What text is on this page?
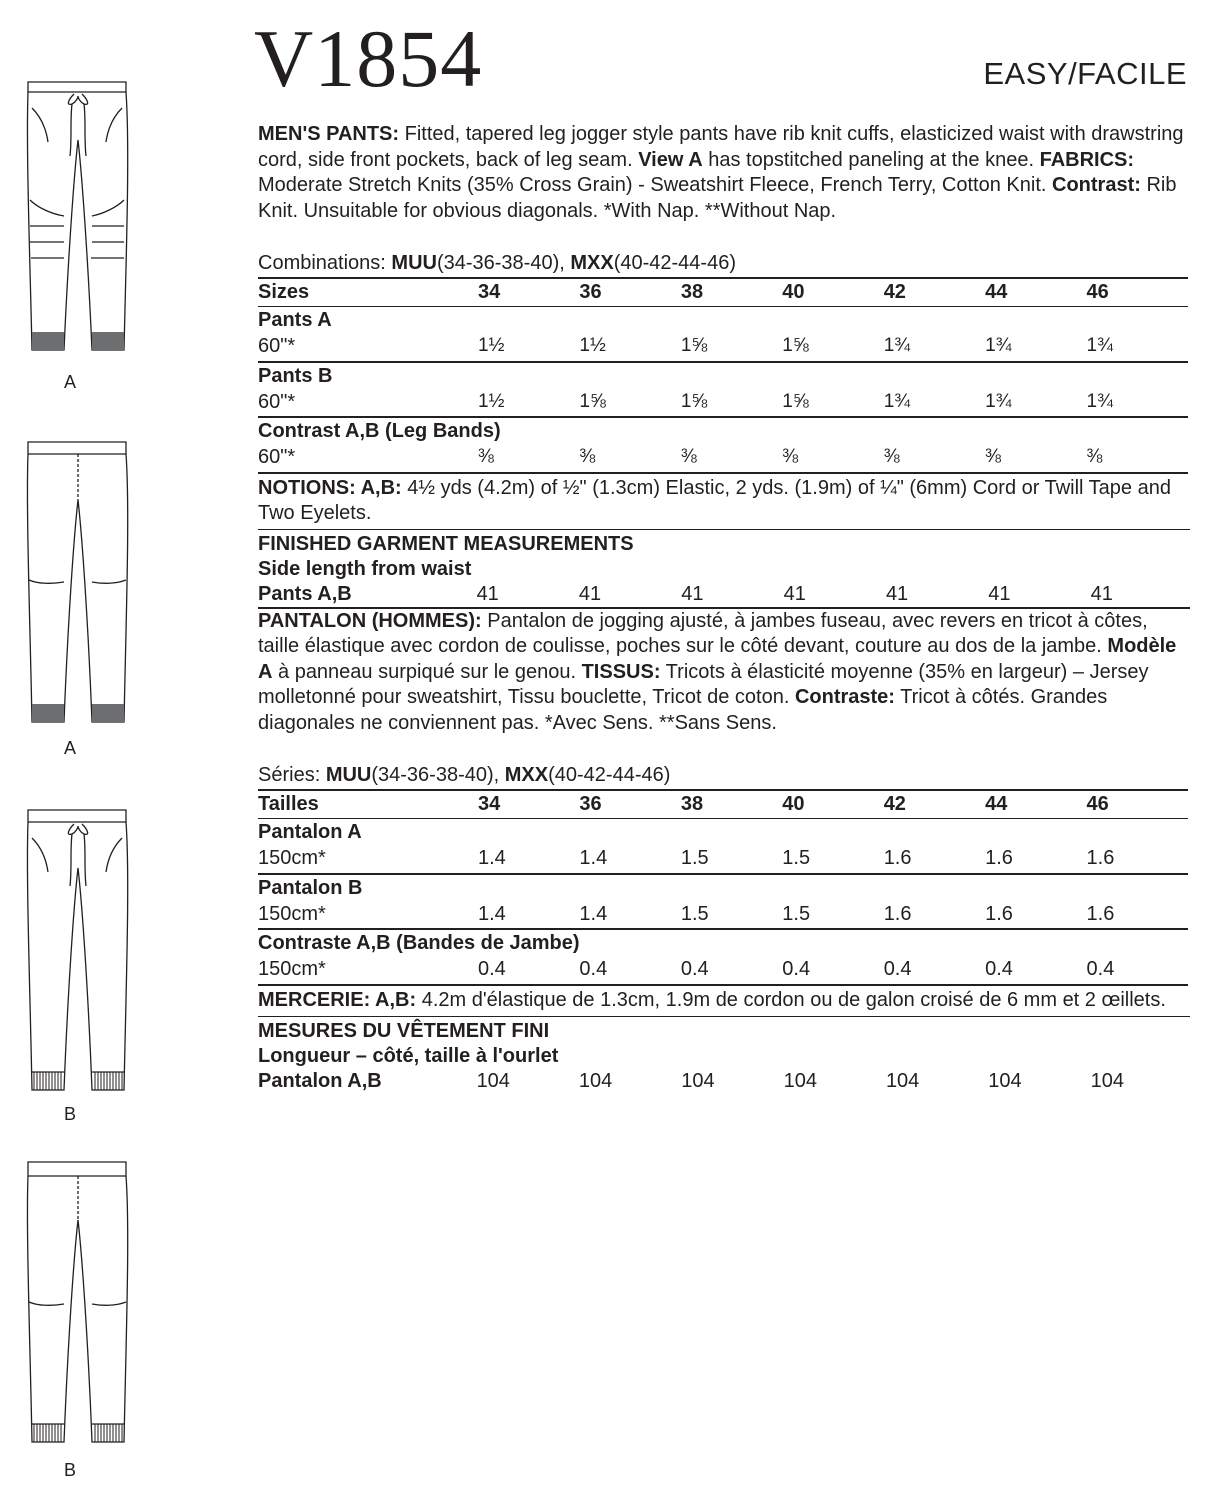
A
A
B
B
V1854	EASY/FACILE

MEN'S PANTS: Fitted, tapered leg jogger style pants have rib knit cuffs, elasticized waist with drawstring cord, side front pockets, back of leg seam. View A has topstitched paneling at the knee. FABRICS: Moderate Stretch Knits (35% Cross Grain) - Sweatshirt Fleece, French Terry, Cotton Knit. Contrast: Rib Knit. Unsuitable for obvious diagonals. *With Nap. **Without Nap.

Combinations: MUU(34-36-38-40), MXX(40-42-44-46)
Sizes	34	36	38	40	42	44	46

Pants A
60"*	1½	1½	1⅝	1⅝	1¾	1¾	1¾

Pants B
60"*	1½	1⅝	1⅝	1⅝	1¾	1¾	1¾

Contrast A,B (Leg Bands)
60"*	⅜	⅜	⅜	⅜	⅜	⅜	⅜
NOTIONS: A,B: 4½ yds (4.2m) of ½" (1.3cm) Elastic, 2 yds. (1.9m) of ¼" (6mm) Cord or Twill Tape and Two Eyelets.
FINISHED GARMENT MEASUREMENTS
Side length from waist
Pants A,B	41	41	41	41	41	41	41

PANTALON (HOMMES): Pantalon de jogging ajusté, à jambes fuseau, avec revers en tricot à côtes, taille élastique avec cordon de coulisse, poches sur le côté devant, couture au dos de la jambe. Modèle A à panneau surpiqué sur le genou. TISSUS: Tricots à élasticité moyenne (35% en largeur) – Jersey molletonné pour sweatshirt, Tissu bouclette, Tricot de coton. Contraste: Tricot à côtés. Grandes diagonales ne conviennent pas. *Avec Sens. **Sans Sens.

Séries: MUU(34-36-38-40), MXX(40-42-44-46)
Tailles	34	36	38	40	42	44	46

Pantalon A
150cm*	1.4	1.4	1.5	1.5	1.6	1.6	1.6

Pantalon B
150cm*	1.4	1.4	1.5	1.5	1.6	1.6	1.6

Contraste A,B (Bandes de Jambe)
150cm*	0.4	0.4	0.4	0.4	0.4	0.4	0.4
MERCERIE: A,B: 4.2m d'élastique de 1.3cm, 1.9m de cordon ou de galon croisé de 6 mm et 2 œillets.
MESURES DU VÊTEMENT FINI
Longueur – côté, taille à l'ourlet
Pantalon A,B	104	104	104	104	104	104	104
